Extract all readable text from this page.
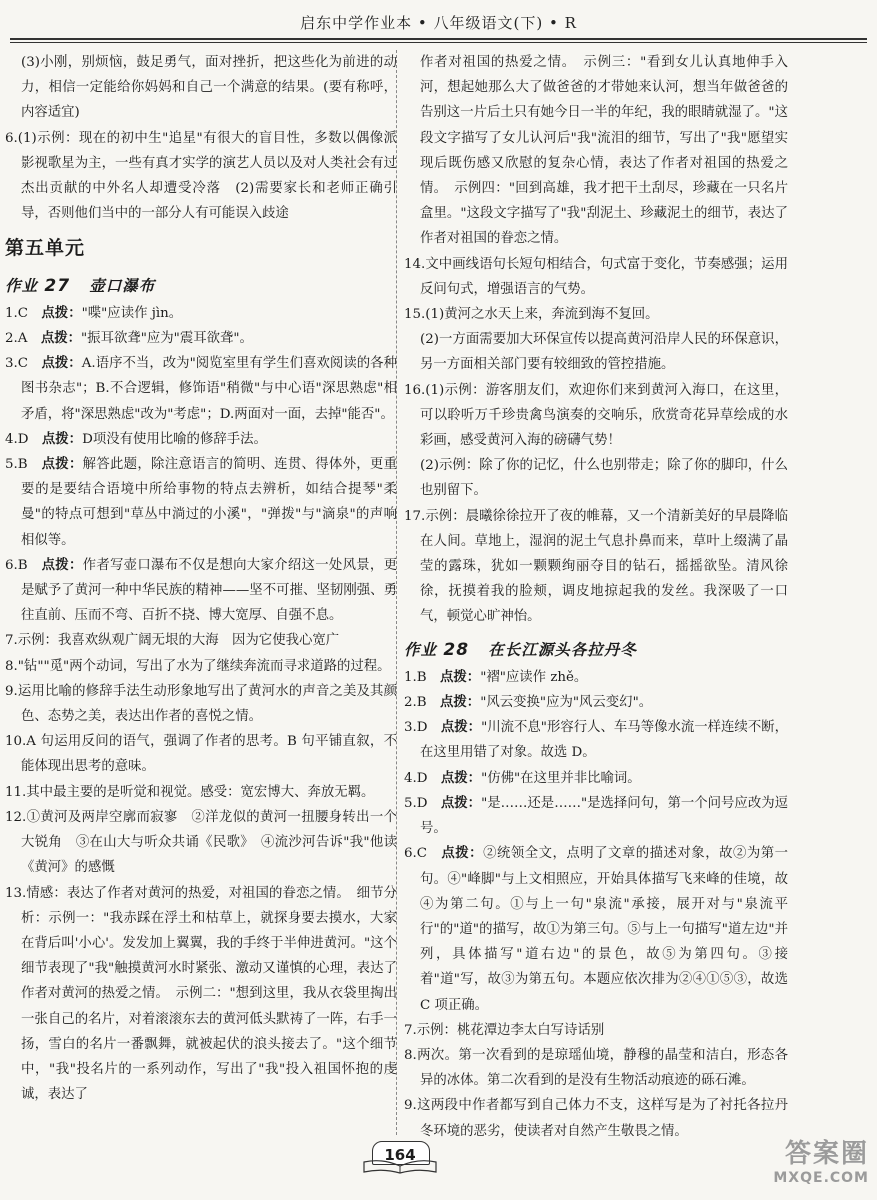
启东中学作业本 • 八年级语文(下) • R

(3)小刚，别烦恼，鼓足勇气，面对挫折，把这些化为前进的动力，相信一定能给你妈妈和自己一个满意的结果。(要有称呼，内容适宜)

6.(1)示例：现在的初中生"追星"有很大的盲目性，多数以偶像派影视歌星为主，一些有真才实学的演艺人员以及对人类社会有过杰出贡献的中外名人却遭受冷落　(2)需要家长和老师正确引导，否则他们当中的一部分人有可能误入歧途

第五单元
作业 27 壶口瀑布

1.C　点拨："喋"应读作 jìn。

2.A　点拨："振耳欲聋"应为"震耳欲聋"。

3.C　点拨：A.语序不当，改为"阅览室里有学生们喜欢阅读的各种图书杂志"；B.不合逻辑，修饰语"稍微"与中心语"深思熟虑"相矛盾，将"深思熟虑"改为"考虑"；D.两面对一面，去掉"能否"。

4.D　点拨：D项没有使用比喻的修辞手法。

5.B　点拨：解答此题，除注意语言的简明、连贯、得体外，更重要的是要结合语境中所给事物的特点去辨析，如结合提琴"柔曼"的特点可想到"草丛中淌过的小溪"，"弹拨"与"滴泉"的声响相似等。

6.B　点拨：作者写壶口瀑布不仅是想向大家介绍这一处风景，更是赋予了黄河一种中华民族的精神——坚不可摧、坚韧刚强、勇往直前、压而不弯、百折不挠、博大宽厚、自强不息。

7.示例：我喜欢纵观广阔无垠的大海　因为它使我心宽广

8."钻""觅"两个动词，写出了水为了继续奔流而寻求道路的过程。

9.运用比喻的修辞手法生动形象地写出了黄河水的声音之美及其颜色、态势之美，表达出作者的喜悦之情。

10.A 句运用反问的语气，强调了作者的思考。B 句平铺直叙，不能体现出思考的意味。

11.其中最主要的是听觉和视觉。感受：宽宏博大、奔放无羁。

12.①黄河及两岸空廓而寂寥　②洋龙似的黄河一扭腰身转出一个大锐角　③在山大与听众共诵《民歌》　④流沙河告诉"我"他读《黄河》的感慨

13.情感：表达了作者对黄河的热爱，对祖国的眷恋之情。　细节分析：示例一："我赤踩在浮土和枯草上，就探身要去摸水，大家在背后叫'小心'。发发加上翼翼，我的手终于半伸进黄河。"这个细节表现了"我"触摸黄河水时紧张、激动又谨慎的心理，表达了作者对黄河的热爱之情。　示例二："想到这里，我从衣袋里掏出一张自己的名片，对着滚滚东去的黄河低头默祷了一阵，右手一扬，雪白的名片一番飘舞，就被起伏的浪头接去了。"这个细节中，"我"投名片的一系列动作，写出了"我"投入祖国怀抱的虔诚，表达了

作者对祖国的热爱之情。　示例三："看到女儿认真地伸手入河，想起她那么大了做爸爸的才带她来认河，想当年做爸爸的告别这一片后土只有她今日一半的年纪，我的眼睛就湿了。"这段文字描写了女儿认河后"我"流泪的细节，写出了"我"愿望实现后既伤感又欣慰的复杂心情，表达了作者对祖国的热爱之情。　示例四："回到高雄，我才把干土刮尽，珍藏在一只名片盒里。"这段文字描写了"我"刮泥土、珍藏泥土的细节，表达了作者对祖国的眷恋之情。

14.文中画线语句长短句相结合，句式富于变化，节奏感强；运用反问句式，增强语言的气势。

15.(1)黄河之水天上来，奔流到海不复回。

(2)一方面需要加大环保宣传以提高黄河沿岸人民的环保意识，另一方面相关部门要有较细致的管控措施。

16.(1)示例：游客朋友们，欢迎你们来到黄河入海口，在这里，可以聆听万千珍贵禽鸟演奏的交响乐，欣赏奇花异草绘成的水彩画，感受黄河入海的磅礴气势！

(2)示例：除了你的记忆，什么也别带走；除了你的脚印，什么也别留下。

17.示例：晨曦徐徐拉开了夜的帷幕，又一个清新美好的早晨降临在人间。草地上，湿润的泥土气息扑鼻而来，草叶上缀满了晶莹的露珠，犹如一颗颗绚丽夺目的钻石，摇摇欲坠。清风徐徐，抚摸着我的脸颊，调皮地掠起我的发丝。我深吸了一口气，顿觉心旷神怡。

作业 28 在长江源头各拉丹冬

1.B　点拨："褶"应读作 zhě。

2.B　点拨："风云变换"应为"风云变幻"。

3.D　点拨："川流不息"形容行人、车马等像水流一样连续不断，在这里用错了对象。故选 D。

4.D　点拨："仿佛"在这里并非比喻词。

5.D　点拨："是……还是……"是选择问句，第一个问号应改为逗号。

6.C　点拨：②统领全文，点明了文章的描述对象，故②为第一句。④"峰脚"与上文相照应，开始具体描写飞来峰的佳境，故④为第二句。①与上一句"泉流"承接，展开对与"泉流平行"的"道"的描写，故①为第三句。⑤与上一句描写"道左边"并列，具体描写"道右边"的景色，故⑤为第四句。③接着"道"写，故③为第五句。本题应依次排为②④①⑤③，故选 C 项正确。

7.示例：桃花潭边李太白写诗话别

8.两次。第一次看到的是琼瑶仙境，静穆的晶莹和洁白，形态各异的冰体。第二次看到的是没有生物活动痕迹的砾石滩。

9.这两段中作者都写到自己体力不支，这样写是为了衬托各拉丹冬环境的恶劣，使读者对自然产生敬畏之情。

164	答案圈
MXQE.COM
